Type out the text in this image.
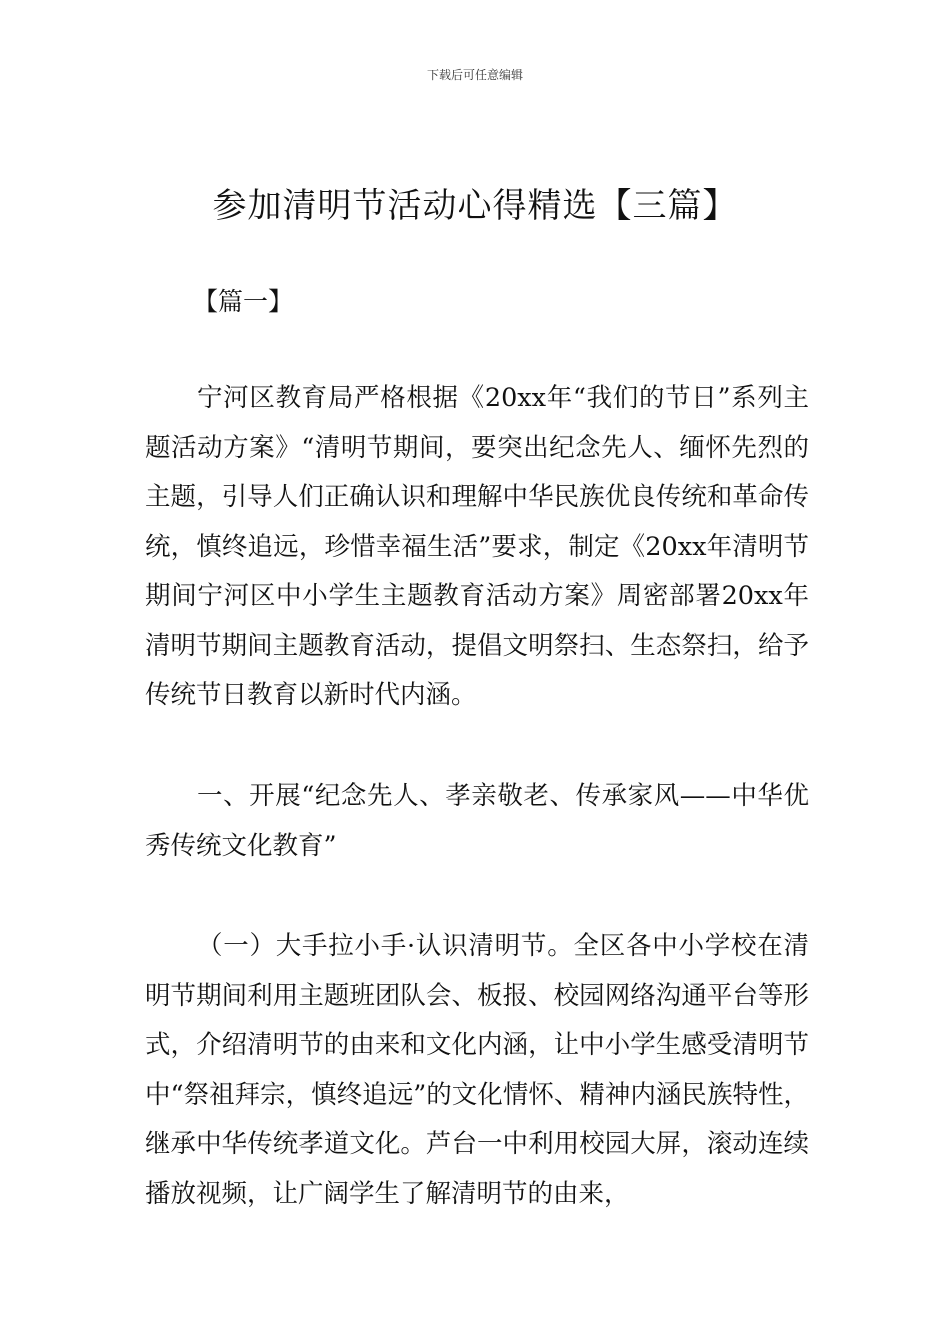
下载后可任意编辑
参加清明节活动心得精选【三篇】
【篇一】

宁河区教育局严格根据《20xx年“我们的节日”系列主题活动方案》“清明节期间，要突出纪念先人、缅怀先烈的主题，引导人们正确认识和理解中华民族优良传统和革命传统，慎终追远，珍惜幸福生活”要求，制定《20xx年清明节期间宁河区中小学生主题教育活动方案》周密部署20xx年清明节期间主题教育活动，提倡文明祭扫、生态祭扫，给予传统节日教育以新时代内涵。

一、开展“纪念先人、孝亲敬老、传承家风——中华优秀传统文化教育”

（一）大手拉小手·认识清明节。全区各中小学校在清明节期间利用主题班团队会、板报、校园网络沟通平台等形式，介绍清明节的由来和文化内涵，让中小学生感受清明节中“祭祖拜宗，慎终追远”的文化情怀、精神内涵民族特性，继承中华传统孝道文化。芦台一中利用校园大屏，滚动连续播放视频，让广阔学生了解清明节的由来，
